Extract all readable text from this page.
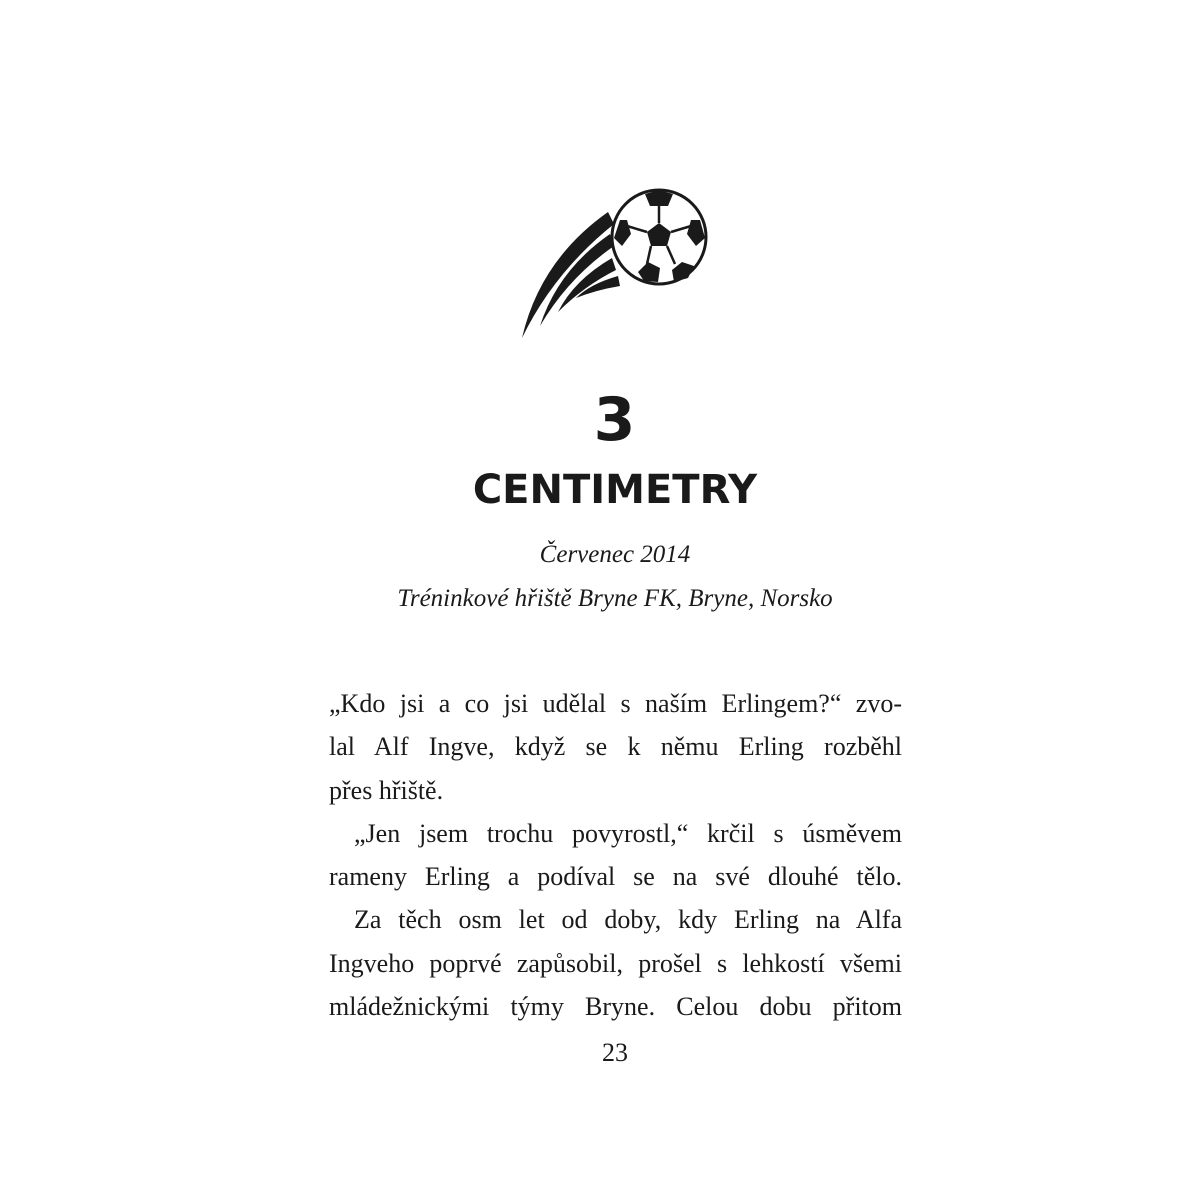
3
CENTIMETRY
Červenec 2014
Tréninkové hřiště Bryne FK, Bryne, Norsko
„Kdo jsi a co jsi udělal s naším Erlingem?“ zvo-
lal Alf Ingve, když se k němu Erling rozběhl
přes hřiště.
„Jen jsem trochu povyrostl,“ krčil s úsměvem
rameny Erling a podíval se na své dlouhé tělo.
Za těch osm let od doby, kdy Erling na Alfa
Ingveho poprvé zapůsobil, prošel s lehkostí všemi
mládežnickými týmy Bryne. Celou dobu přitom
23
